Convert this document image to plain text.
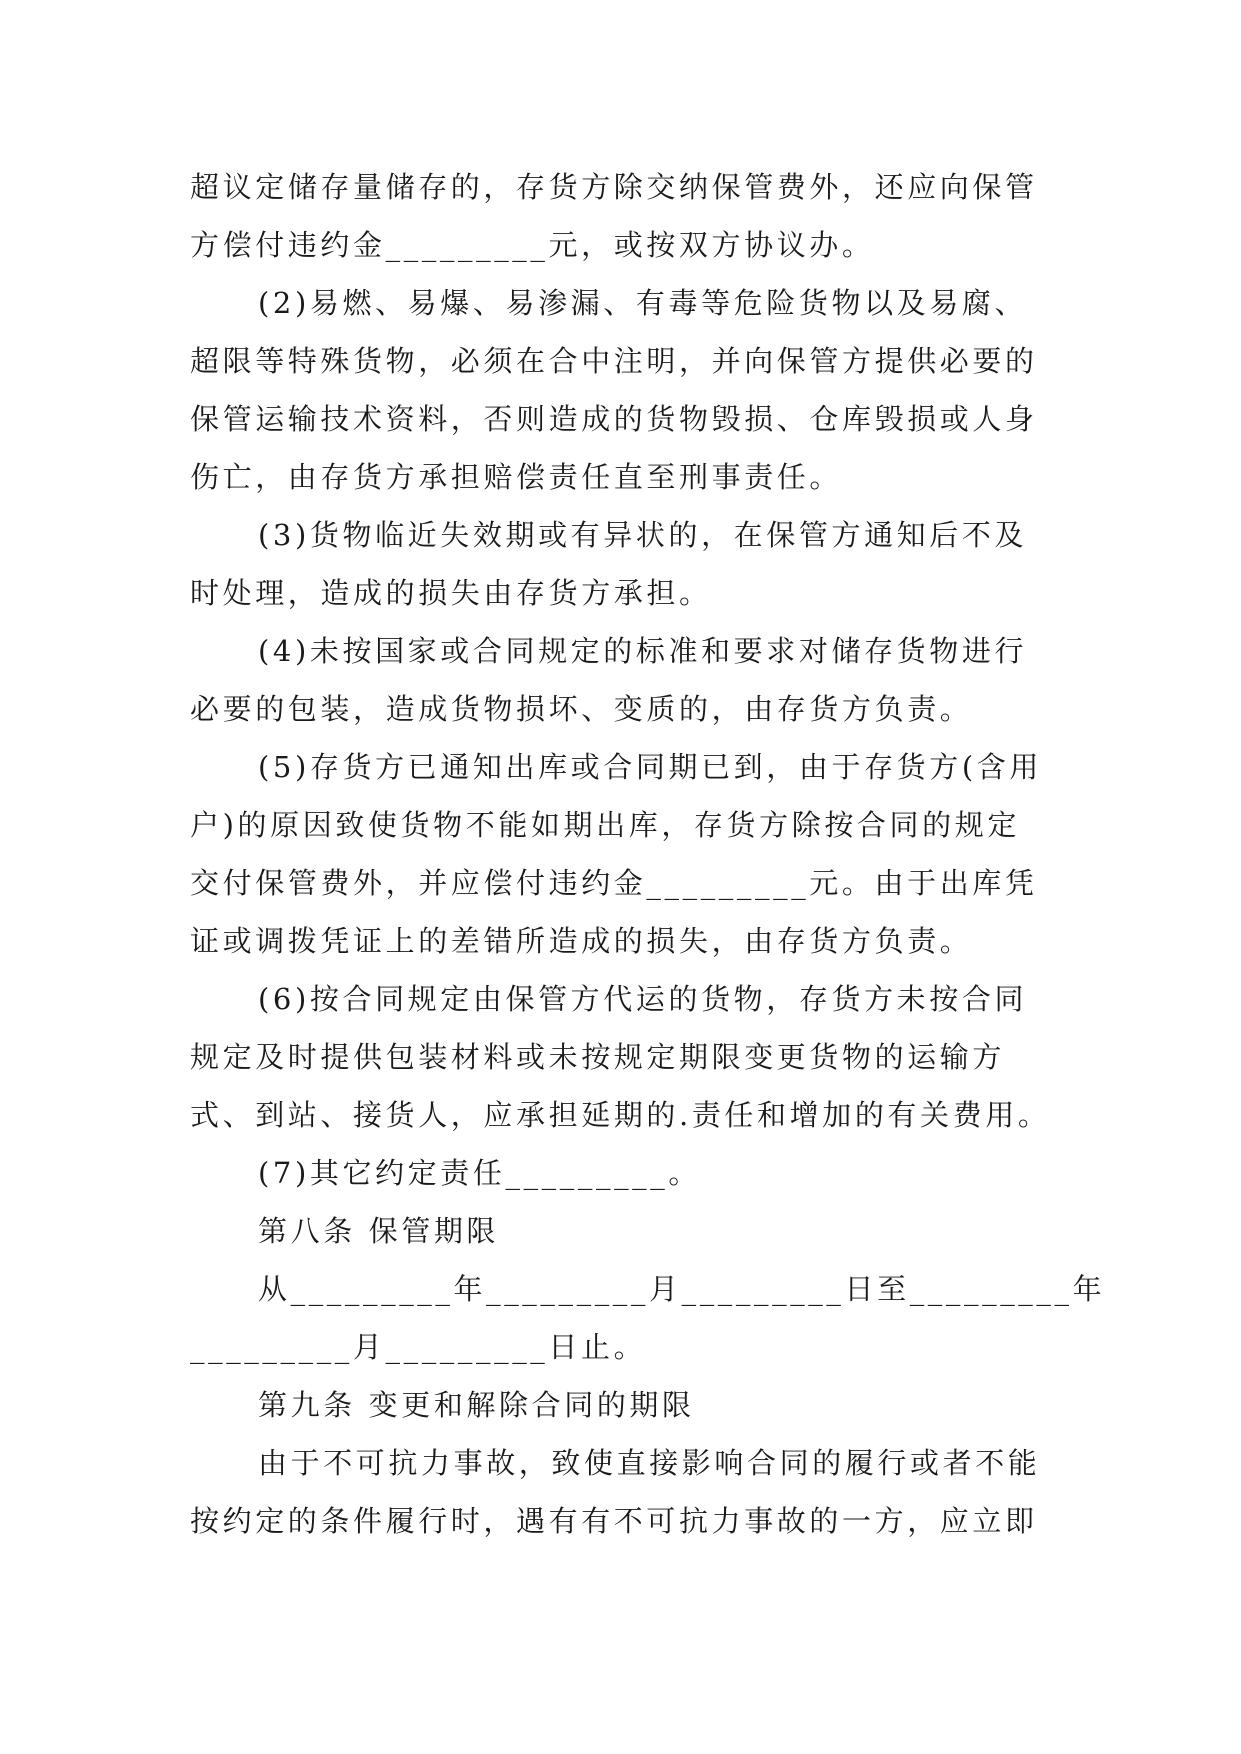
超议定储存量储存的，存货方除交纳保管费外，还应向保管

方偿付违约金_________元，或按双方协议办。

(2)易燃、易爆、易渗漏、有毒等危险货物以及易腐、

超限等特殊货物，必须在合中注明，并向保管方提供必要的

保管运输技术资料，否则造成的货物毁损、仓库毁损或人身

伤亡，由存货方承担赔偿责任直至刑事责任。

(3)货物临近失效期或有异状的，在保管方通知后不及

时处理，造成的损失由存货方承担。

(4)未按国家或合同规定的标准和要求对储存货物进行

必要的包装，造成货物损坏、变质的，由存货方负责。

(5)存货方已通知出库或合同期已到，由于存货方(含用

户)的原因致使货物不能如期出库，存货方除按合同的规定

交付保管费外，并应偿付违约金_________元。由于出库凭

证或调拨凭证上的差错所造成的损失，由存货方负责。

(6)按合同规定由保管方代运的货物，存货方未按合同

规定及时提供包装材料或未按规定期限变更货物的运输方

式、到站、接货人，应承担延期的.责任和增加的有关费用。

(7)其它约定责任_________。

第八条 保管期限

从_________年_________月_________日至_________年

_________月_________日止。

第九条 变更和解除合同的期限

由于不可抗力事故，致使直接影响合同的履行或者不能

按约定的条件履行时，遇有有不可抗力事故的一方，应立即
